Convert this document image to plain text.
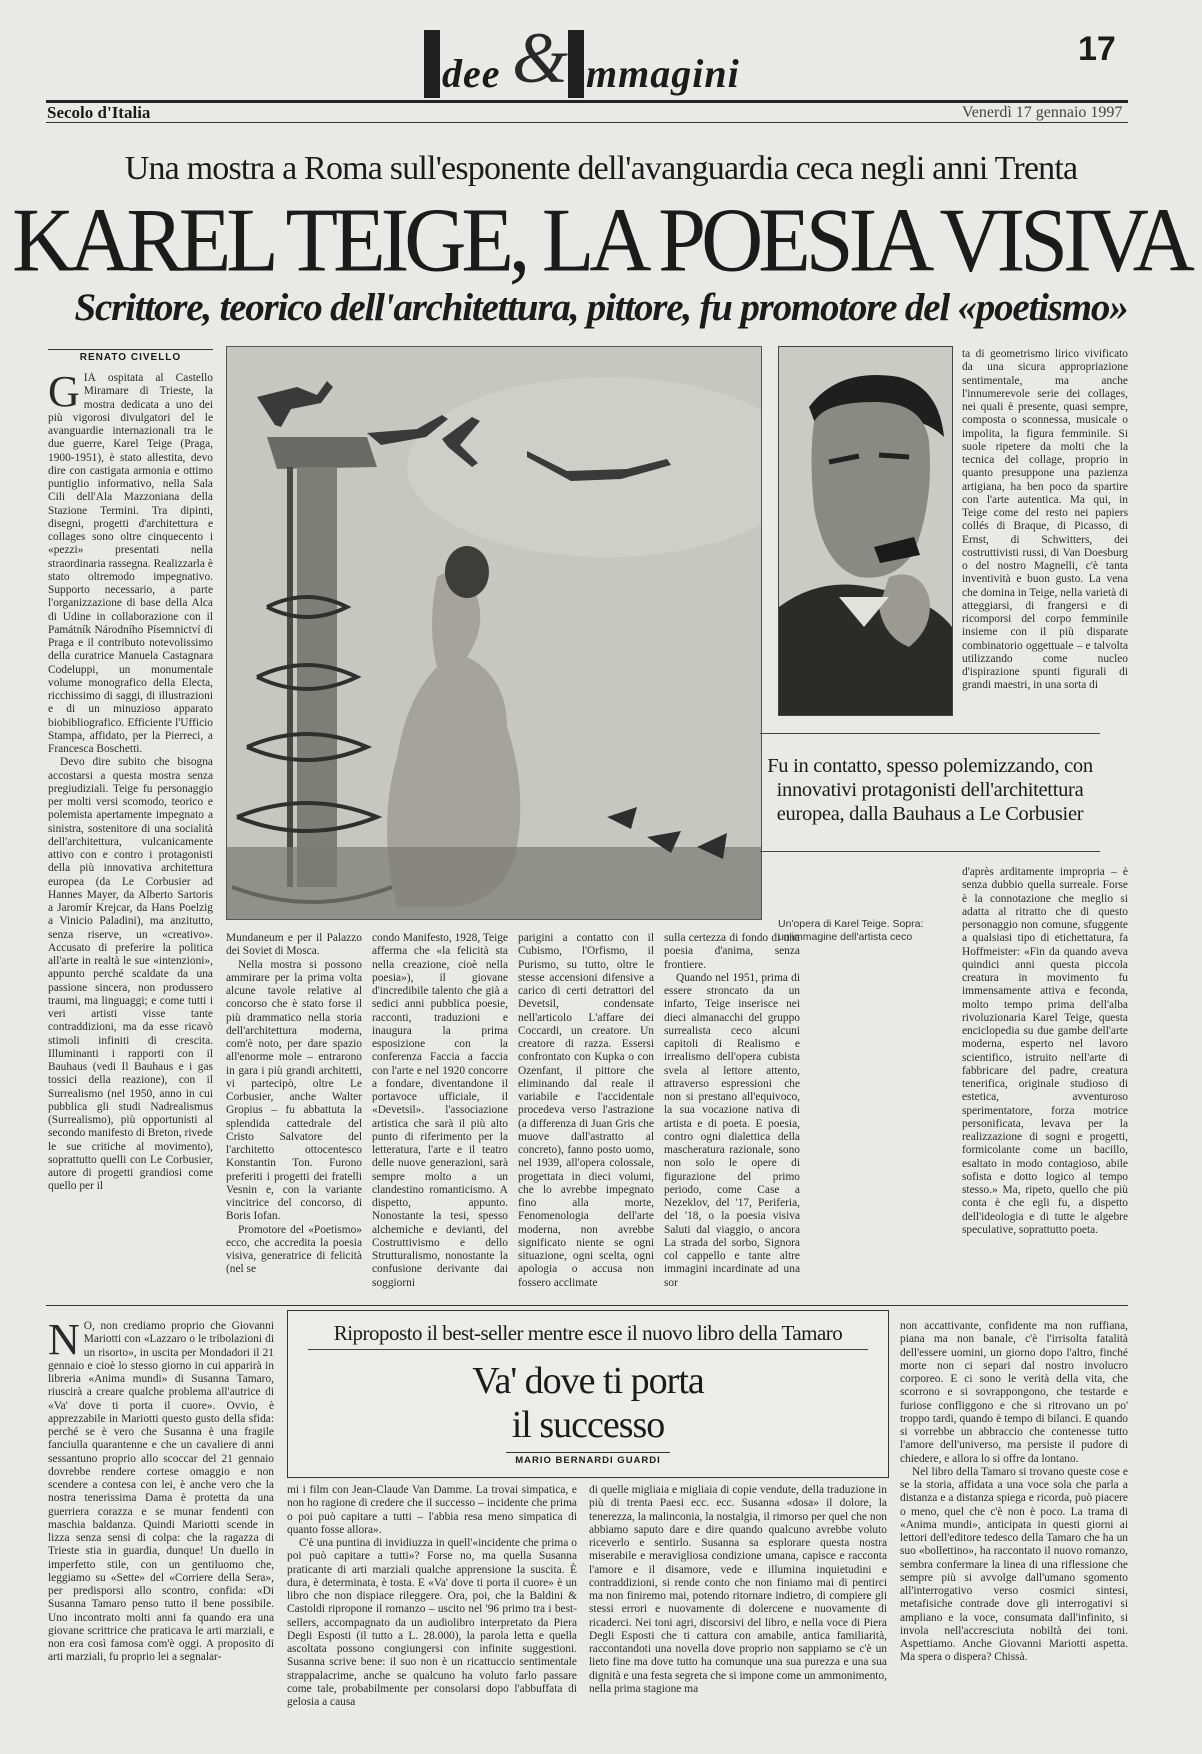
dee & mmagini
17
Secolo d'Italia	Venerdì 17 gennaio 1997
Una mostra a Roma sull'esponente dell'avanguardia ceca negli anni Trenta
KAREL TEIGE, LA POESIA VISIVA
Scrittore, teorico dell'architettura, pittore, fu promotore del «poetismo»
RENATO CIVELLO

GIÀ ospitata al Castello Miramare di Trieste, la mostra dedicata a uno dei più vigorosi divulgatori del le avanguardie internazionali tra le due guerre, Karel Teige (Praga, 1900-1951), è stato allestita, devo dire con castigata armonia e ottimo puntiglio informativo, nella Sala Cili dell'Ala Mazzoniana della Stazione Termini. Tra dipinti, disegni, progetti d'architettura e collages sono oltre cinquecento i «pezzi» presentati nella straordinaria rassegna. Realizzarla è stato oltremodo impegnativo. Supporto necessario, a parte l'organizzazione di base della Alca di Udine in collaborazione con il Památník Národního Písemnictví di Praga e il contributo notevolissimo della curatrice Manuela Castagnara Codeluppi, un monumentale volume monografico della Electa, ricchissimo di saggi, di illustrazioni e di un minuzioso apparato biobibliografico. Efficiente l'Ufficio Stampa, affidato, per la Pierreci, a Francesca Boschetti.

Devo dire subito che bisogna accostarsi a questa mostra senza pregiudiziali. Teige fu personaggio per molti versi scomodo, teorico e polemista apertamente impegnato a sinistra, sostenitore di una socialità dell'architettura, vulcanicamente attivo con e contro i protagonisti della più innovativa architettura europea (da Le Corbusier ad Hannes Mayer, da Alberto Sartoris a Jaromír Krejcar, da Hans Poelzig a Vinicio Paladini), ma anzitutto, senza riserve, un «creativo». Accusato di preferire la politica all'arte in realtà le sue «intenzioni», appunto perché scaldate da una passione sincera, non produssero traumi, ma linguaggi; e come tutti i veri artisti visse tante contraddizioni, ma da esse ricavò stimoli infiniti di crescita. Illuminanti i rapporti con il Bauhaus (vedi Il Bauhaus e i gas tossici della reazione), con il Surrealismo (nel 1950, anno in cui pubblica gli studi Nadrealismus (Surrealismo), più opportunisti al secondo manifesto di Breton, rivede le sue critiche al movimento), soprattutto quelli con Le Corbusier, autore di progetti grandiosi come quello per il

ta di geometrismo lirico vivificato da una sicura appropriazione sentimentale, ma anche l'innumerevole serie dei collages, nei quali è presente, quasi sempre, composta o sconnessa, musicale o impolita, la figura femminile. Si suole ripetere da molti che la tecnica del collage, proprio in quanto presuppone una pazienza artigiana, ha ben poco da spartire con l'arte autentica. Ma qui, in Teige come del resto nei papiers collés di Braque, di Picasso, di Ernst, di Schwitters, dei costruttivisti russi, di Van Doesburg o del nostro Magnelli, c'è tanta inventività e buon gusto. La vena che domina in Teige, nella varietà di atteggiarsi, di frangersi e di ricomporsi del corpo femminile insieme con il più disparate combinatorio oggettuale – e talvolta utilizzando come nucleo d'ispirazione spunti figurali di grandi maestri, in una sorta di

Fu in contatto, spesso polemizzando, con innovativi protagonisti dell'architettura europea, dalla Bauhaus a Le Corbusier
Un'opera di Karel Teige. Sopra: un'immagine dell'artista ceco

d'après arditamente impropria – è senza dubbio quella surreale. Forse è la connotazione che meglio si adatta al ritratto che di questo personaggio non comune, sfuggente a qualsiasi tipo di etichettatura, fa Hoffmeister: «Fin da quando aveva quindici anni questa piccola creatura in movimento fu immensamente attiva e feconda, molto tempo prima dell'alba rivoluzionaria Karel Teige, questa enciclopedia su due gambe dell'arte moderna, esperto nel lavoro scientifico, istruito nell'arte di fabbricare del padre, creatura tenerifica, originale studioso di estetica, avventuroso sperimentatore, forza motrice personificata, levava per la realizzazione di sogni e progetti, formicolante come un bacillo, esaltato in modo contagioso, abile sofista e dotto logico al tempo stesso.» Ma, ripeto, quello che più conta è che egli fu, a dispetto dell'ideologia e di tutte le algebre speculative, soprattutto poeta.

Mundaneum e per il Palazzo dei Soviet di Mosca.

Nella mostra si possono ammirare per la prima volta alcune tavole relative al concorso che è stato forse il più drammatico nella storia dell'architettura moderna, com'è noto, per dare spazio all'enorme mole – entrarono in gara i più grandi architetti, vi partecipò, oltre Le Corbusier, anche Walter Gropius – fu abbattuta la splendida cattedrale del Cristo Salvatore del l'architetto ottocentesco Konstantin Ton. Furono preferiti i progetti dei fratelli Vesnin e, con la variante vincitrice del concorso, di Boris Iofan.

Promotore del «Poetismo» ecco, che accredita la poesia visiva, generatrice di felicità (nel se

condo Manifesto, 1928, Teige afferma che «la felicità sta nella creazione, cioè nella poesia»), il giovane d'incredibile talento che già a sedici anni pubblica poesie, racconti, traduzioni e inaugura la prima esposizione con la conferenza Faccia a faccia con l'arte e nel 1920 concorre a fondare, diventandone il portavoce ufficiale, il «Devetsil». l'associazione artistica che sarà il più alto punto di riferimento per la letteratura, l'arte e il teatro delle nuove generazioni, sarà sempre molto a un clandestino romanticismo. A dispetto, appunto. Nonostante la tesi, spesso alchemiche e devianti, del Costruttivismo e dello Strutturalismo, nonostante la confusione derivante dai soggiorni

parigini a contatto con il Cubismo, l'Orfismo, il Purismo, su tutto, oltre le stesse accensioni difensive a carico di certi detrattori del Devetsil, condensate nell'articolo L'affare dei Coccardi, un creatore. Un creatore di razza. Essersi confrontato con Kupka o con Ozenfant, il pittore che eliminando dal reale il variabile e l'accidentale procedeva verso l'astrazione (a differenza di Juan Gris che muove dall'astratto al concreto), fanno posto uomo, nel 1939, all'opera colossale, progettata in dieci volumi, che lo avrebbe impegnato fino alla morte, Fenomenologia dell'arte moderna, non avrebbe significato niente se ogni situazione, ogni scelta, ogni apologia o accusa non fossero acclimate

sulla certezza di fondo di una poesia d'anima, senza frontiere.

Quando nel 1951, prima di essere stroncato da un infarto, Teige inserisce nei dieci almanacchi del gruppo surrealista ceco alcuni capitoli di Realismo e irrealismo dell'opera cubista svela al lettore attento, attraverso espressioni che non si prestano all'equivoco, la sua vocazione nativa di artista e di poeta. E poesia, contro ogni dialettica della mascheratura razionale, sono non solo le opere di figurazione del primo periodo, come Case a Nezeklov, del '17, Periferia, del '18, o la poesia visiva Saluti dal viaggio, o ancora La strada del sorbo, Signora col cappello e tante altre immagini incardinate ad una sor

Riproposto il best-seller mentre esce il nuovo libro della Tamaro
Va' dove ti porta
il successo
MARIO BERNARDI GUARDI

N O, non crediamo proprio che Giovanni Mariotti con «Lazzaro o le tribolazioni di un risorto», in uscita per Mondadori il 21 gennaio e cioè lo stesso giorno in cui apparirà in libreria «Anima mundi» di Susanna Tamaro, riuscirà a creare qualche problema all'autrice di «Va' dove ti porta il cuore». Ovvio, è apprezzabile in Mariotti questo gusto della sfida: perché se è vero che Susanna è una fragile fanciulla quarantenne e che un cavaliere di anni sessantuno proprio allo scoccar del 21 gennaio dovrebbe rendere cortese omaggio e non scendere a contesa con lei, è anche vero che la nostra tenerissima Dama è protetta da una guerriera corazza e se munar fendenti con maschia baldanza. Quindi Mariotti scende in lizza senza sensi di colpa: che la ragazza di Trieste stia in guardia, dunque! Un duello in imperfetto stile, con un gentiluomo che, leggiamo su «Sette» del «Corriere della Sera», per predisporsi allo scontro, confida: «Di Susanna Tamaro penso tutto il bene possibile. Uno incontrato molti anni fa quando era una giovane scrittrice che praticava le arti marziali, e non era così famosa com'è oggi. A proposito di arti marziali, fu proprio lei a segnalar-

mi i film con Jean-Claude Van Damme. La trovai simpatica, e non ho ragione di credere che il successo – incidente che prima o poi può capitare a tutti – l'abbia resa meno simpatica di quanto fosse allora».

C'è una puntina di invidiuzza in quell'«incidente che prima o poi può capitare a tutti»? Forse no, ma quella Susanna praticante di arti marziali qualche apprensione la suscita. È dura, è determinata, è tosta. E «Va' dove ti porta il cuore» è un libro che non dispiace rileggere. Ora, poi, che la Baldini & Castoldi ripropone il romanzo – uscito nel '96 primo tra i best-sellers, accompagnato da un audiolibro interpretato da Piera Degli Esposti (il tutto a L. 28.000), la parola letta e quella ascoltata possono congiungersi con infinite suggestioni. Susanna scrive bene: il suo non è un ricattuccio sentimentale strappalacrime, anche se qualcuno ha voluto farlo passare come tale, probabilmente per consolarsi dopo l'abbuffata di gelosia a causa

di quelle migliaia e migliaia di copie vendute, della traduzione in più di trenta Paesi ecc. ecc. Susanna «dosa» il dolore, la tenerezza, la malinconia, la nostalgia, il rimorso per quel che non abbiamo saputo dare e dire quando qualcuno avrebbe voluto riceverlo e sentirlo. Susanna sa esplorare questa nostra miserabile e meravigliosa condizione umana, capisce e racconta l'amore e il disamore, vede e illumina inquietudini e contraddizioni, si rende conto che non finiamo mai di pentirci ma non finiremo mai, potendo ritornare indietro, di compiere gli stessi errori e nuovamente di dolercene e nuovamente di ricaderci. Nei toni agri, discorsivi del libro, e nella voce di Piera Degli Esposti che ti cattura con amabile, antica familiarità, raccontandoti una novella dove proprio non sappiamo se c'è un lieto fine ma dove tutto ha comunque una sua purezza e una sua dignità e una festa segreta che si impone come un ammonimento, nella prima stagione ma

non accattivante, confidente ma non ruffiana, piana ma non banale, c'è l'irrisolta fatalità dell'essere uomini, un giorno dopo l'altro, finché morte non ci separi dal nostro involucro corporeo. E ci sono le verità della vita, che scorrono e si sovrappongono, che testarde e furiose confliggono e che si ritrovano un po' troppo tardi, quando è tempo di bilanci. E quando si vorrebbe un abbraccio che contenesse tutto l'amore dell'universo, ma persiste il pudore di chiedere, e allora lo si offre da lontano.

Nel libro della Tamaro si trovano queste cose e se la storia, affidata a una voce sola che parla a distanza e a distanza spiega e ricorda, può piacere o meno, quel che c'è non è poco. La trama di «Anima mundi», anticipata in questi giorni ai lettori dell'editore tedesco della Tamaro che ha un suo «bollettino», ha raccontato il nuovo romanzo, sembra confermare la linea di una riflessione che sempre più si avvolge dall'umano sgomento all'interrogativo verso cosmici sintesi, metafisiche contrade dove gli interrogativi si ampliano e la voce, consumata dall'infinito, si invola nell'accresciuta nobiltà dei toni. Aspettiamo. Anche Giovanni Mariotti aspetta. Ma spera o dispera? Chissà.
